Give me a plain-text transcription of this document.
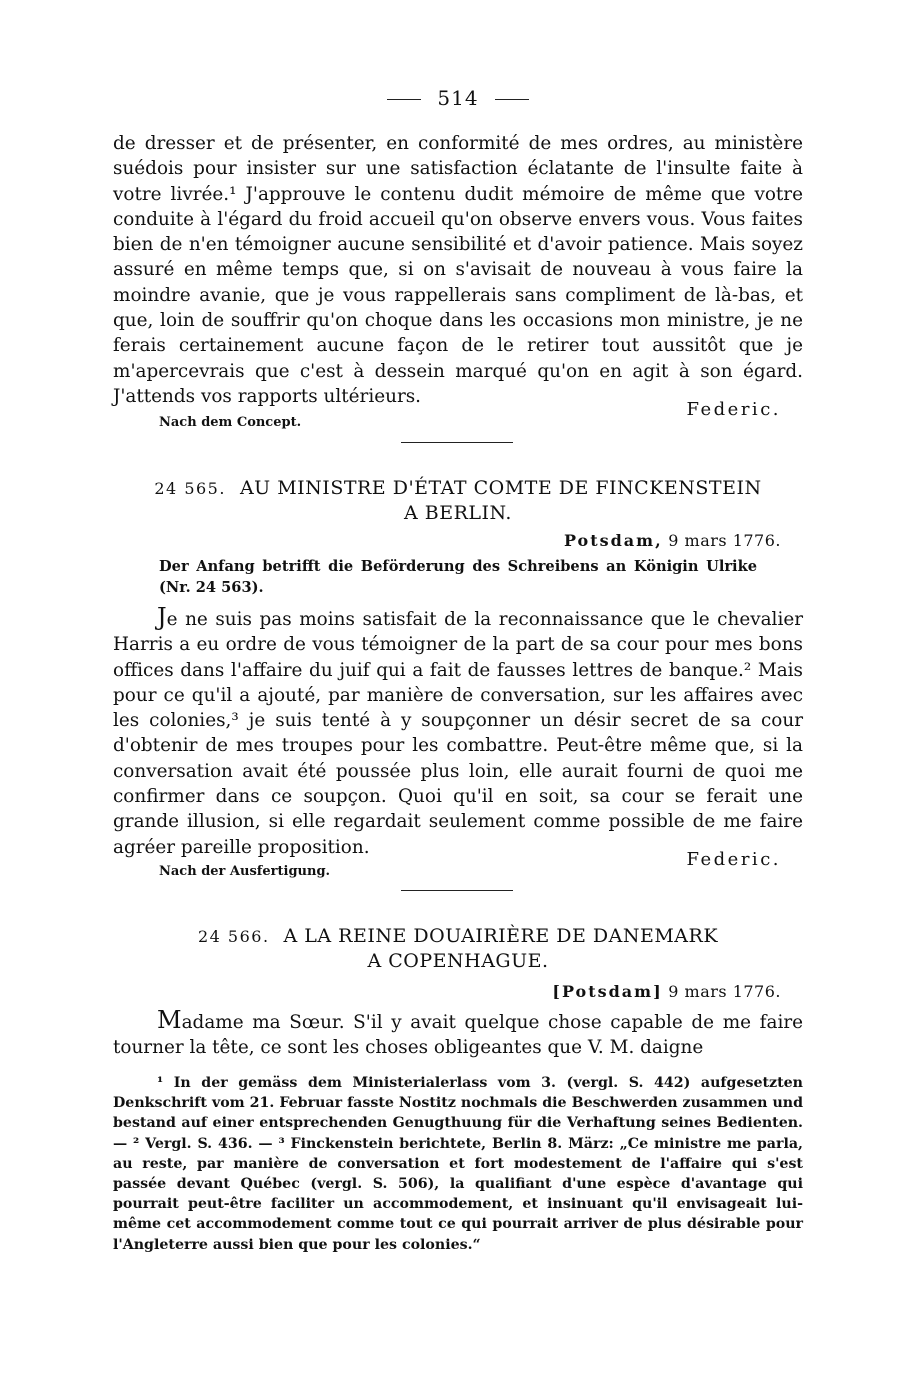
514
de dresser et de présenter, en conformité de mes ordres, au ministère suédois pour insister sur une satisfaction éclatante de l'insulte faite à votre livrée.¹ J'approuve le contenu dudit mémoire de même que votre conduite à l'égard du froid accueil qu'on observe envers vous. Vous faites bien de n'en témoigner aucune sensibilité et d'avoir patience. Mais soyez assuré en même temps que, si on s'avisait de nouveau à vous faire la moindre avanie, que je vous rappellerais sans compliment de là-bas, et que, loin de souffrir qu'on choque dans les occasions mon ministre, je ne ferais certainement aucune façon de le retirer tout aussitôt que je m'apercevrais que c'est à dessein marqué qu'on en agit à son égard. J'attends vos rapports ultérieurs.
Federic.
Nach dem Concept.
24 565. AU MINISTRE D'ÉTAT COMTE DE FINCKENSTEIN
A BERLIN.
Potsdam, 9 mars 1776.
Der Anfang betrifft die Beförderung des Schreibens an Königin Ulrike (Nr. 24 563).
Je ne suis pas moins satisfait de la reconnaissance que le chevalier Harris a eu ordre de vous témoigner de la part de sa cour pour mes bons offices dans l'affaire du juif qui a fait de fausses lettres de banque.² Mais pour ce qu'il a ajouté, par manière de conversation, sur les affaires avec les colonies,³ je suis tenté à y soupçonner un désir secret de sa cour d'obtenir de mes troupes pour les combattre. Peut-être même que, si la conversation avait été poussée plus loin, elle aurait fourni de quoi me confirmer dans ce soupçon. Quoi qu'il en soit, sa cour se ferait une grande illusion, si elle regardait seulement comme possible de me faire agréer pareille proposition.
Federic.
Nach der Ausfertigung.
24 566. A LA REINE DOUAIRIÈRE DE DANEMARK
A COPENHAGUE.
[Potsdam] 9 mars 1776.
Madame ma Sœur. S'il y avait quelque chose capable de me faire tourner la tête, ce sont les choses obligeantes que V. M. daigne
¹ In der gemäss dem Ministerialerlass vom 3. (vergl. S. 442) aufgesetzten Denkschrift vom 21. Februar fasste Nostitz nochmals die Beschwerden zusammen und bestand auf einer entsprechenden Genugthuung für die Verhaftung seines Bedienten. — ² Vergl. S. 436. — ³ Finckenstein berichtete, Berlin 8. März: „Ce ministre me parla, au reste, par manière de conversation et fort modestement de l'affaire qui s'est passée devant Québec (vergl. S. 506), la qualifiant d'une espèce d'avantage qui pourrait peut-être faciliter un accommodement, et insinuant qu'il envisageait lui-même cet accommodement comme tout ce qui pourrait arriver de plus désirable pour l'Angleterre aussi bien que pour les colonies.“
